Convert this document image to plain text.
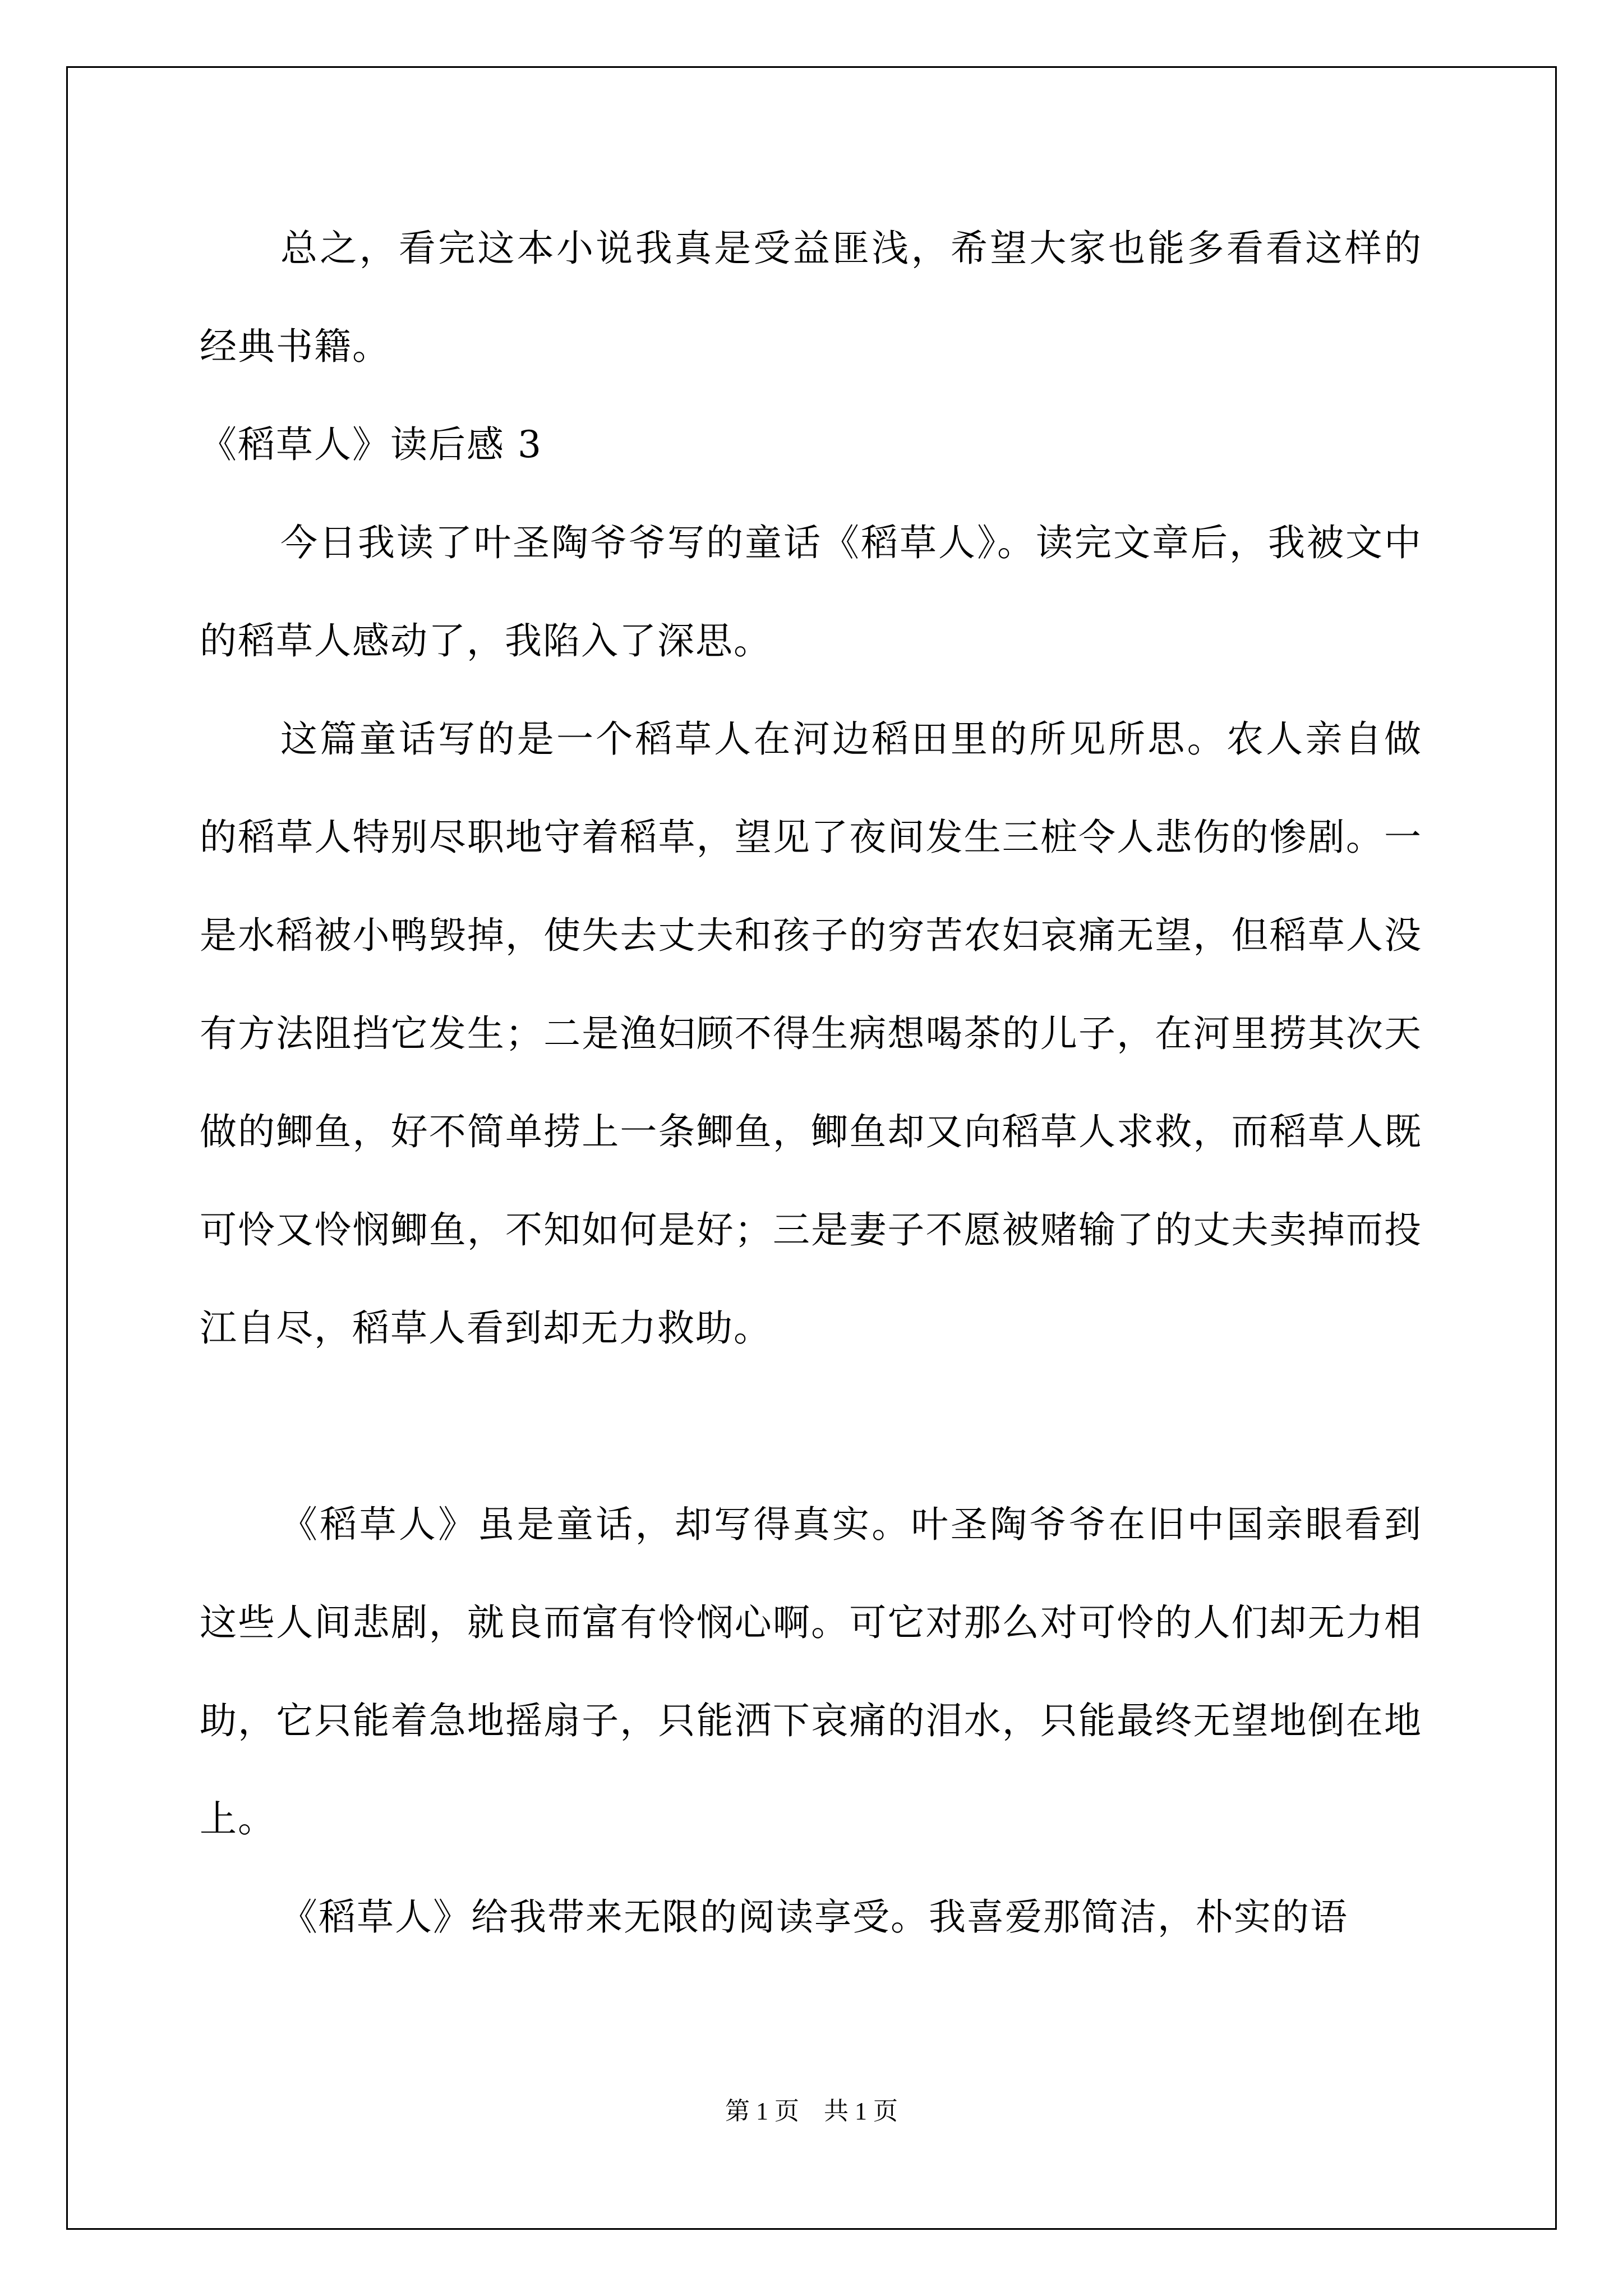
总之，看完这本小说我真是受益匪浅，希望大家也能多看看这样的经典书籍。

《稻草人》读后感 3

今日我读了叶圣陶爷爷写的童话《稻草人》。读完文章后，我被文中的稻草人感动了，我陷入了深思。

这篇童话写的是一个稻草人在河边稻田里的所见所思。农人亲自做的稻草人特别尽职地守着稻草，望见了夜间发生三桩令人悲伤的惨剧。一是水稻被小鸭毁掉，使失去丈夫和孩子的穷苦农妇哀痛无望，但稻草人没有方法阻挡它发生；二是渔妇顾不得生病想喝茶的儿子，在河里捞其次天做的鲫鱼，好不简单捞上一条鲫鱼，鲫鱼却又向稻草人求救，而稻草人既可怜又怜悯鲫鱼，不知如何是好；三是妻子不愿被赌输了的丈夫卖掉而投江自尽，稻草人看到却无力救助。

《稻草人》虽是童话，却写得真实。叶圣陶爷爷在旧中国亲眼看到这些人间悲剧，就良而富有怜悯心啊。可它对那么对可怜的人们却无力相助，它只能着急地摇扇子，只能洒下哀痛的泪水，只能最终无望地倒在地上。

《稻草人》给我带来无限的阅读享受。我喜爱那简洁，朴实的语

第 1 页　共 1 页
